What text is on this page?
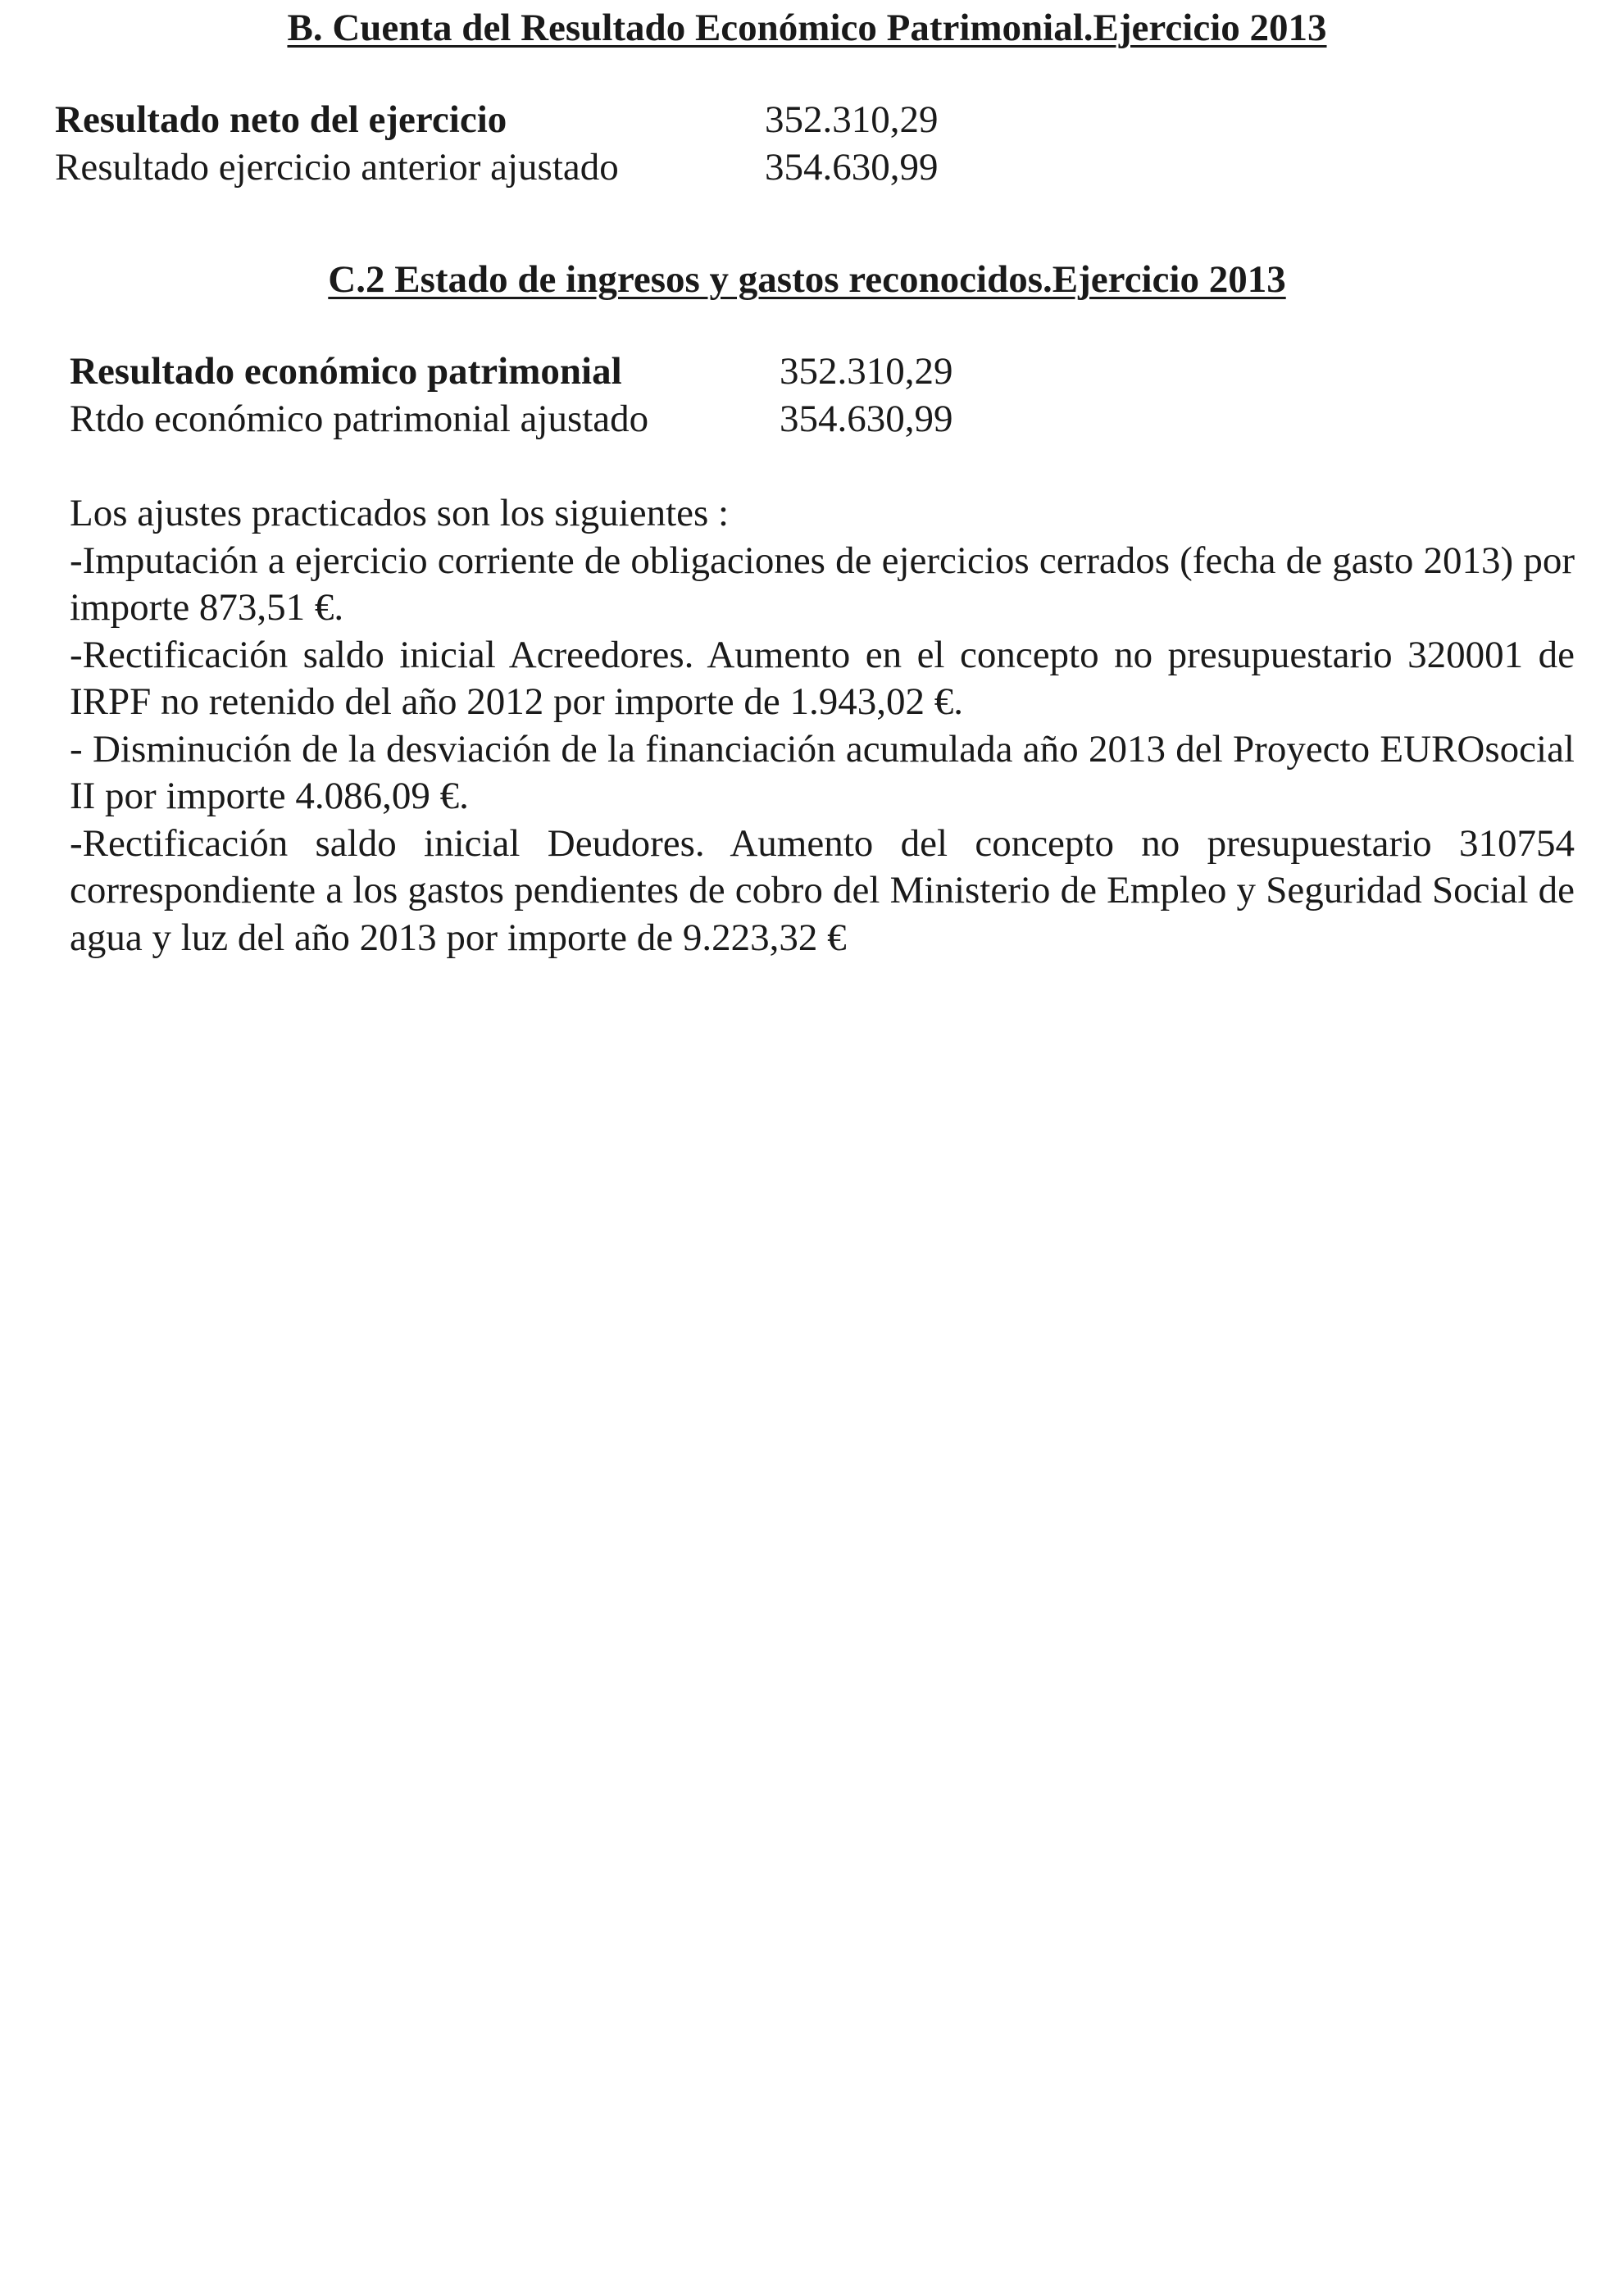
B. Cuenta del Resultado Económico Patrimonial.Ejercicio 2013
Resultado neto del ejercicio	352.310,29
Resultado ejercicio anterior ajustado	354.630,99
C.2 Estado de ingresos y gastos reconocidos.Ejercicio 2013
Resultado económico patrimonial	352.310,29
Rtdo económico patrimonial ajustado	354.630,99

Los ajustes practicados son los siguientes :

-Imputación a ejercicio corriente de obligaciones de ejercicios cerrados (fecha de gasto 2013) por importe 873,51 €.

-Rectificación saldo inicial Acreedores. Aumento en el concepto no presupuestario 320001 de IRPF no retenido del año 2012 por importe de 1.943,02 €.

- Disminución de la desviación de la financiación acumulada año 2013 del Proyecto EUROsocial II por importe 4.086,09 €.

-Rectificación saldo inicial Deudores. Aumento del concepto no presupuestario 310754 correspondiente a los gastos pendientes de cobro del Ministerio de Empleo y Seguridad Social de agua y luz del año 2013 por importe de 9.223,32 €
